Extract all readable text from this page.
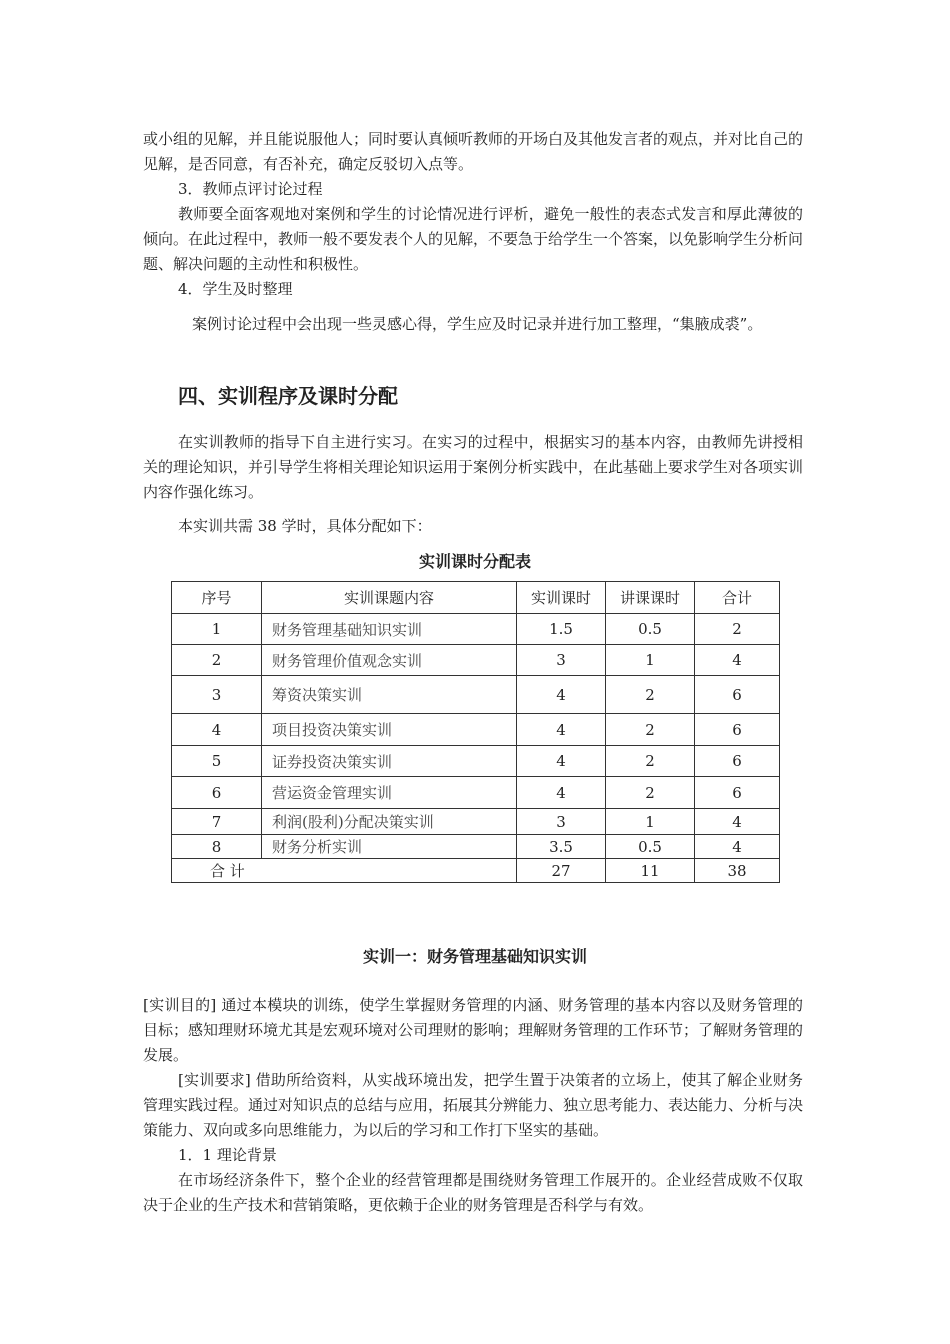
或小组的见解，并且能说服他人；同时要认真倾听教师的开场白及其他发言者的观点，并对比自己的见解，是否同意，有否补充，确定反驳切入点等。

3．教师点评讨论过程

教师要全面客观地对案例和学生的讨论情况进行评析，避免一般性的表态式发言和厚此薄彼的倾向。在此过程中，教师一般不要发表个人的见解，不要急于给学生一个答案，以免影响学生分析问题、解决问题的主动性和积极性。

4．学生及时整理

案例讨论过程中会出现一些灵感心得，学生应及时记录并进行加工整理，“集腋成裘”。

四、实训程序及课时分配

在实训教师的指导下自主进行实习。在实习的过程中，根据实习的基本内容，由教师先讲授相关的理论知识，并引导学生将相关理论知识运用于案例分析实践中，在此基础上要求学生对各项实训内容作强化练习。

本实训共需 38 学时，具体分配如下：

实训课时分配表

序号	实训课题内容	实训课时	讲课课时	合计
1	财务管理基础知识实训	1.5	0.5	2
2	财务管理价值观念实训	3	1	4
3	筹资决策实训	4	2	6
4	项目投资决策实训	4	2	6
5	证券投资决策实训	4	2	6
6	营运资金管理实训	4	2	6
7	利润(股利)分配决策实训	3	1	4
8	财务分析实训	3.5	0.5	4
合 计		27	11	38

实训一：财务管理基础知识实训

[实训目的] 通过本模块的训练，使学生掌握财务管理的内涵、财务管理的基本内容以及财务管理的目标；感知理财环境尤其是宏观环境对公司理财的影响；理解财务管理的工作环节；了解财务管理的发展。

[实训要求] 借助所给资料，从实战环境出发，把学生置于决策者的立场上，使其了解企业财务管理实践过程。通过对知识点的总结与应用，拓展其分辨能力、独立思考能力、表达能力、分析与决策能力、双向或多向思维能力，为以后的学习和工作打下坚实的基础。

1．1 理论背景

在市场经济条件下，整个企业的经营管理都是围绕财务管理工作展开的。企业经营成败不仅取决于企业的生产技术和营销策略，更依赖于企业的财务管理是否科学与有效。
